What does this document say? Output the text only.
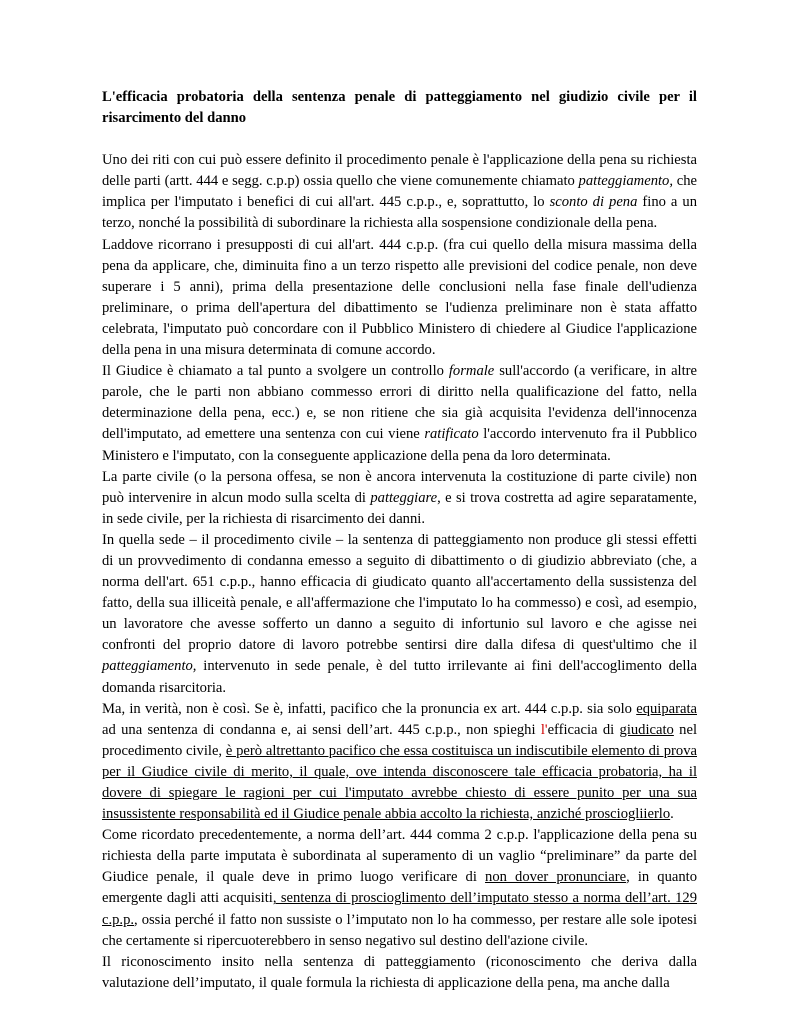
L'efficacia probatoria della sentenza penale di patteggiamento nel giudizio civile per il risarcimento del danno

Uno dei riti con cui può essere definito il procedimento penale è l'applicazione della pena su richiesta delle parti (artt. 444 e segg. c.p.p) ossia quello che viene comunemente chiamato patteggiamento, che implica per l'imputato i benefici di cui all'art. 445 c.p.p., e, soprattutto, lo sconto di pena fino a un terzo, nonché la possibilità di subordinare la richiesta alla sospensione condizionale della pena.

Laddove ricorrano i presupposti di cui all'art. 444 c.p.p. (fra cui quello della misura massima della pena da applicare, che, diminuita fino a un terzo rispetto alle previsioni del codice penale, non deve superare i 5 anni), prima della presentazione delle conclusioni nella fase finale dell'udienza preliminare, o prima dell'apertura del dibattimento se l'udienza preliminare non è stata affatto celebrata, l'imputato può concordare con il Pubblico Ministero di chiedere al Giudice l'applicazione della pena in una misura determinata di comune accordo.

Il Giudice è chiamato a tal punto a svolgere un controllo formale sull'accordo (a verificare, in altre parole, che le parti non abbiano commesso errori di diritto nella qualificazione del fatto, nella determinazione della pena, ecc.) e, se non ritiene che sia già acquisita l'evidenza dell'innocenza dell'imputato, ad emettere una sentenza con cui viene ratificato l'accordo intervenuto fra il Pubblico Ministero e l'imputato, con la conseguente applicazione della pena da loro determinata.

La parte civile (o la persona offesa, se non è ancora intervenuta la costituzione di parte civile) non può intervenire in alcun modo sulla scelta di patteggiare, e si trova costretta ad agire separatamente, in sede civile, per la richiesta di risarcimento dei danni.

In quella sede – il procedimento civile – la sentenza di patteggiamento non produce gli stessi effetti di un provvedimento di condanna emesso a seguito di dibattimento o di giudizio abbreviato (che, a norma dell'art. 651 c.p.p., hanno efficacia di giudicato quanto all'accertamento della sussistenza del fatto, della sua illiceità penale, e all'affermazione che l'imputato lo ha commesso) e così, ad esempio, un lavoratore che avesse sofferto un danno a seguito di infortunio sul lavoro e che agisse nei confronti del proprio datore di lavoro potrebbe sentirsi dire dalla difesa di quest'ultimo che il patteggiamento, intervenuto in sede penale, è del tutto irrilevante ai fini dell'accoglimento della domanda risarcitoria.

Ma, in verità, non è così. Se è, infatti, pacifico che la pronuncia ex art. 444 c.p.p. sia solo equiparata ad una sentenza di condanna e, ai sensi dell’art. 445 c.p.p., non spieghi l'efficacia di giudicato nel procedimento civile, è però altrettanto pacifico che essa costituisca un indiscutibile elemento di prova per il Giudice civile di merito, il quale, ove intenda disconoscere tale efficacia probatoria, ha il dovere di spiegare le ragioni per cui l'imputato avrebbe chiesto di essere punito per una sua insussistente responsabilità ed il Giudice penale abbia accolto la richiesta, anziché prosciogliierlo.

Come ricordato precedentemente, a norma dell’art. 444 comma 2 c.p.p. l'applicazione della pena su richiesta della parte imputata è subordinata al superamento di un vaglio “preliminare” da parte del Giudice penale, il quale deve in primo luogo verificare di non dover pronunciare, in quanto emergente dagli atti acquisiti, sentenza di proscioglimento dell’imputato stesso a norma dell’art. 129 c.p.p., ossia perché il fatto non sussiste o l’imputato non lo ha commesso, per restare alle sole ipotesi che certamente si ripercuoterebbero in senso negativo sul destino dell'azione civile.

Il riconoscimento insito nella sentenza di patteggiamento (riconoscimento che deriva dalla valutazione dell’imputato, il quale formula la richiesta di applicazione della pena, ma anche dalla
